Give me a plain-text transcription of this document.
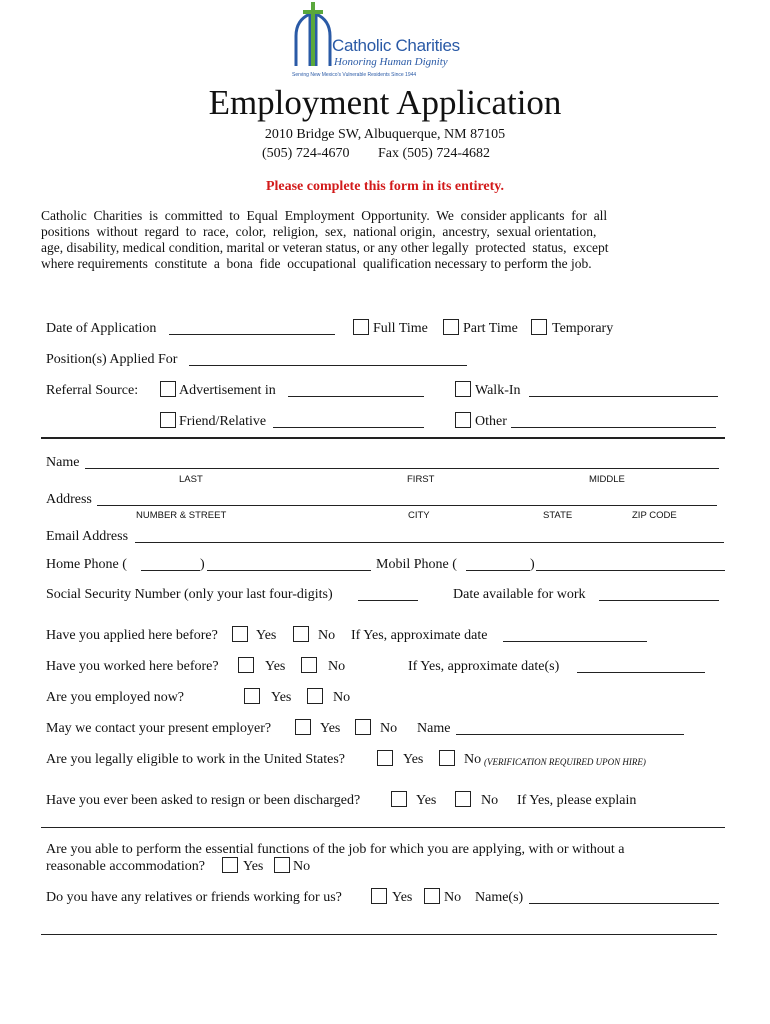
Catholic Charities
Honoring Human Dignity
Serving New Mexico's Vulnerable Residents Since 1944
Employment Application
2010 Bridge SW, Albuquerque, NM 87105
(505) 724-4670 Fax (505) 724-4682
Please complete this form in its entirety.
Catholic  Charities  is  committed  to  Equal  Employment  Opportunity.  We  consider applicants  for  all
positions  without  regard  to  race,  color,  religion,  sex,  national origin,  ancestry,  sexual orientation,
age, disability, medical condition, marital or veteran status, or any other legally  protected  status,  except
where requirements  constitute  a  bona  fide  occupational  qualification necessary to perform the job.
Date of Application	Full Time	Part Time Temporary
Position(s) Applied For
Referral Source:	Advertisement in	Walk-In
Friend/Relative	Other
Name
LAST	FIRST	MIDDLE
Address
NUMBER & STREET	CITY	STATE	ZIP CODE
Email Address
Home Phone (	)	Mobil Phone (	)
Social Security Number (only your last four-digits)	Date available for work
Have you applied here before?	Yes	No If Yes, approximate date
Have you worked here before?	Yes	No	If Yes, approximate date(s)
Are you employed now?	Yes	No
May we contact your present employer?	Yes	No Name
Are you legally eligible to work in the United States?	Yes	No (VERIFICATION REQUIRED UPON HIRE)
Have you ever been asked to resign or been discharged?	Yes	No If Yes, please explain
Are you able to perform the essential functions of the job for which you are applying, with or without a
reasonable accommodation?	Yes No
Do you have any relatives or friends working for us?	Yes No Name(s)
